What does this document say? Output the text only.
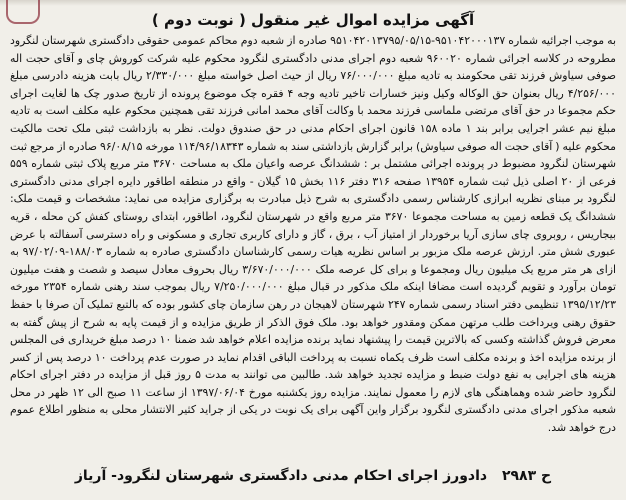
آگهی مزایده اموال غیر منقول ( نوبت دوم )
به موجب اجرائیه شماره ۹۵۱۰۴۲۰۰۰۱۳۷-۹۵۱۰۴۲۰۱۳۷۹۵/۰۵/۱۵ صادره از شعبه دوم محاکم عمومی حقوقی دادگستری شهرستان لنگرود مطروحه در کلاسه اجرائی شماره ۹۶۰۰۲۰ شعبه دوم اجرای مدنی دادگستری لنگرود محکوم علیه شرکت کوروش چای و آقای حجت اله صوفی سیاوش فرزند تقی محکومند به تادیه مبلغ ۷۶/۰۰۰/۰۰۰ ریال از حیث اصل خواسته مبلغ ۲/۳۳۰/۰۰۰ ریال بابت هزینه دادرسی مبلغ ۴/۲۵۶/۰۰۰ ریال بعنوان حق الوکاله وکیل ونیز خسارات تاخیر تادیه وجه ۴ فقره چک موضوع پرونده از تاریخ صدور چک ها لغایت اجرای حکم مجموعا در حق آقای مرتضی ملماسی فرزند محمد با وکالت آقای محمد امانی فرزند تقی همچنین محکوم علیه مکلف است به تادیه مبلغ نیم عشر اجرایی برابر بند ۱ ماده ۱۵۸ قانون اجرای احکام مدنی در حق صندوق دولت. نظر به بازداشت ثبتی ملک تحت مالکیت محکوم علیه ( آقای حجت اله صوفی سیاوش) برابر گزارش بازداشتی سند به شماره ۱۱۴/۹۶/۱۸۳۴۳ مورخه ۹۶/۰۸/۱۵ صادره از مرجع ثبت شهرستان لنگرود مضبوط در پرونده اجرائی مشتمل بر : ششدانگ عرصه واعیان ملک به مساحت ۳۶۷۰ متر مربع پلاک ثبتی شماره ۵۵۹ فرعی از ۲۰ اصلی ذیل ثبت شماره ۱۳۹۵۴ صفحه ۳۱۶ دفتر ۱۱۶ بخش ۱۵ گیلان - واقع در منطقه اطاقور دایره اجرای مدنی دادگستری لنگرود بر مبنای نظریه ابرازی کارشناس رسمی دادگستری به شرح ذیل مبادرت به برگزاری مزایده می نماید: مشخصات و قیمت ملک: ششدانگ یک قطعه زمین به مساحت مجموعا ۳۶۷۰ متر مربع واقع در شهرستان لنگرود، اطاقور، ابتدای روستای کفش کن محله ، قریه بیجاریس ، روبروی چای سازی آریا برخوردار از امتیاز آب ، برق ، گاز و دارای کاربری تجاری و مسکونی و راه دسترسی آسفالته با عرض عبوری شش متر. ارزش عرصه ملک مزبور بر اساس نظریه هیات رسمی کارشناسان دادگستری صادره به شماره ۱۸۸/۰۳-۹۷/۰۲/۰۹ به ازای هر متر مربع یک میلیون ریال ومجموعا و برای کل عرصه ملک ۳/۶۷۰/۰۰۰/۰۰۰ ریال بحروف معادل سیصد و شصت و هفت میلیون تومان برآورد و تقویم گردیده است مضافا اینکه ملک مذکور در قبال مبلغ ۷/۲۵۰/۰۰۰/۰۰۰ ریال بموجب سند رهنی شماره ۲۳۵۴ مورخه ۱۳۹۵/۱۲/۲۳ تنظیمی دفتر اسناد رسمی شماره ۲۴۷ شهرستان لاهیجان در رهن سازمان چای کشور بوده که بالتبع تملیک آن صرفا با حفظ حقوق رهنی ویرداخت طلب مرتهن ممکن ومقدور خواهد بود. ملک فوق الذکر از طریق مزایده و از قیمت پایه به شرح از پیش گفته به معرض فروش گذاشته وکسی که بالاترین قیمت را پیشنهاد نماید برنده مزایده اعلام خواهد شد ضمنا ۱۰ درصد مبلغ خریداری فی المجلس از برنده مزایده اخذ و برنده مکلف است ظرف یکماه نسبت به پرداخت الباقی اقدام نماید در صورت عدم پرداخت ۱۰ درصد پس از کسر هزینه های اجرایی به نفع دولت ضبط و مزایده تجدید خواهد شد. طالبین می توانند به مدت ۵ روز قبل از مزایده در دفتر اجرای احکام لنگرود حاضر شده وهماهنگی های لازم را معمول نمایند. مزایده روز یکشنبه مورخ ۱۳۹۷/۰۶/۰۴ از ساعت ۱۱ صبح الی ۱۲ ظهر در محل شعبه مذکور اجرای مدنی دادگستری لنگرود برگزار واین آگهی برای یک نوبت در یکی از جراید کثیر الانتشار محلی به منظور اطلاع عموم درج خواهد شد.
ح ۲۹۸۳ دادورز اجرای احکام مدنی دادگستری شهرستان لنگرود- آریاز
